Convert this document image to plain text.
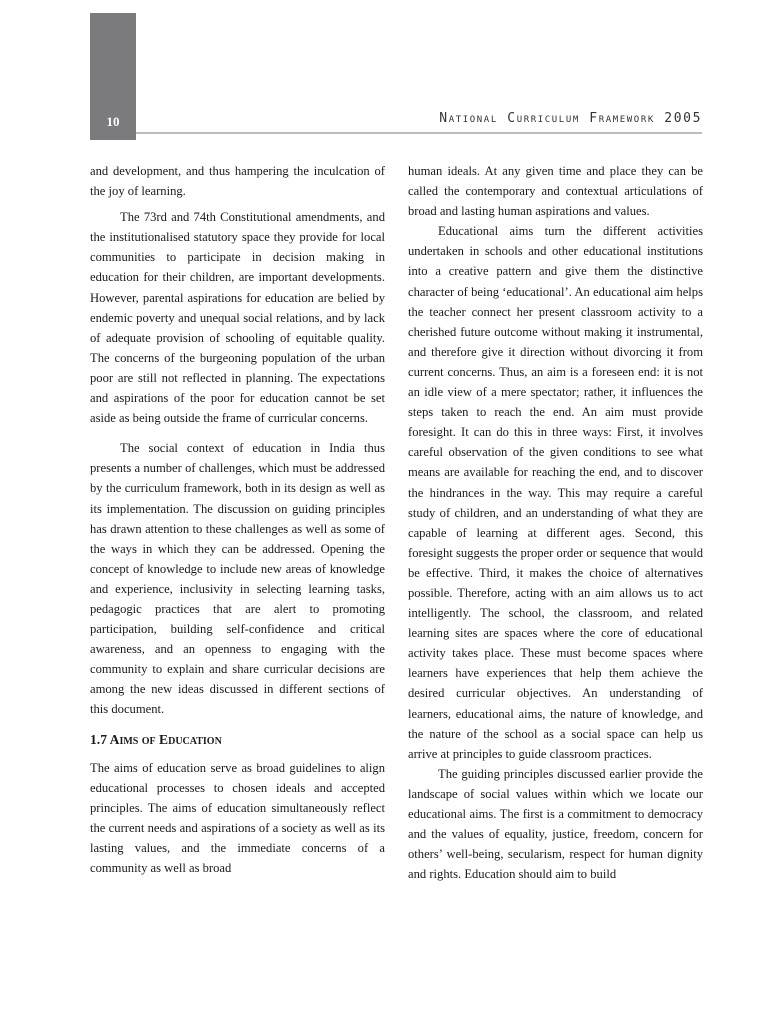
10	National Curriculum Framework 2005

and development, and thus hampering the inculcation of the joy of learning.

The 73rd and 74th Constitutional amendments, and the institutionalised statutory space they provide for local communities to participate in decision making in education for their children, are important developments. However, parental aspirations for education are belied by endemic poverty and unequal social relations, and by lack of adequate provision of schooling of equitable quality. The concerns of the burgeoning population of the urban poor are still not reflected in planning. The expectations and aspirations of the poor for education cannot be set aside as being outside the frame of curricular concerns.

The social context of education in India thus presents a number of challenges, which must be addressed by the curriculum framework, both in its design as well as its implementation. The discussion on guiding principles has drawn attention to these challenges as well as some of the ways in which they can be addressed. Opening the concept of knowledge to include new areas of knowledge and experience, inclusivity in selecting learning tasks, pedagogic practices that are alert to promoting participation, building self-confidence and critical awareness, and an openness to engaging with the community to explain and share curricular decisions are among the new ideas discussed in different sections of this document.

1.7 Aims of Education

The aims of education serve as broad guidelines to align educational processes to chosen ideals and accepted principles. The aims of education simultaneously reflect the current needs and aspirations of a society as well as its lasting values, and the immediate concerns of a community as well as broad

human ideals. At any given time and place they can be called the contemporary and contextual articulations of broad and lasting human aspirations and values.

Educational aims turn the different activities undertaken in schools and other educational institutions into a creative pattern and give them the distinctive character of being ‘educational’. An educational aim helps the teacher connect her present classroom activity to a cherished future outcome without making it instrumental, and therefore give it direction without divorcing it from current concerns. Thus, an aim is a foreseen end: it is not an idle view of a mere spectator; rather, it influences the steps taken to reach the end. An aim must provide foresight. It can do this in three ways: First, it involves careful observation of the given conditions to see what means are available for reaching the end, and to discover the hindrances in the way. This may require a careful study of children, and an understanding of what they are capable of learning at different ages. Second, this foresight suggests the proper order or sequence that would be effective. Third, it makes the choice of alternatives possible. Therefore, acting with an aim allows us to act intelligently. The school, the classroom, and related learning sites are spaces where the core of educational activity takes place. These must become spaces where learners have experiences that help them achieve the desired curricular objectives. An understanding of learners, educational aims, the nature of knowledge, and the nature of the school as a social space can help us arrive at principles to guide classroom practices.

The guiding principles discussed earlier provide the landscape of social values within which we locate our educational aims. The first is a commitment to democracy and the values of equality, justice, freedom, concern for others’ well-being, secularism, respect for human dignity and rights. Education should aim to build
